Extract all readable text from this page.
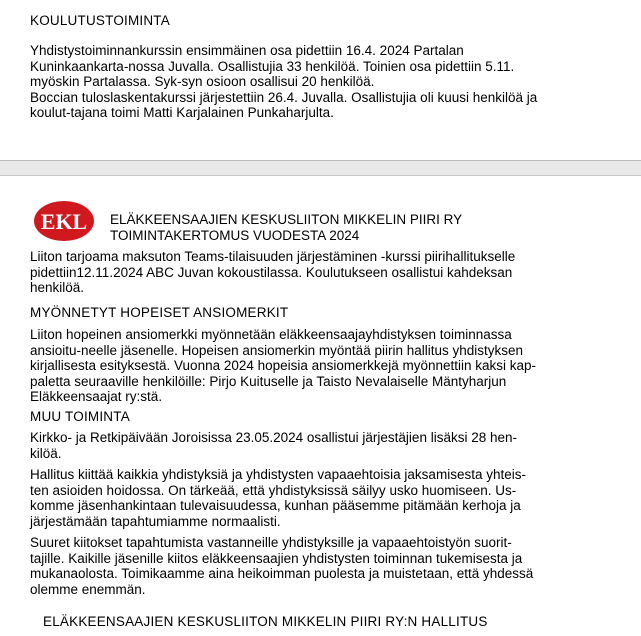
KOULUTUSTOIMINTA

Yhdistystoiminnankurssin ensimmäinen osa pidettiin 16.4. 2024 Partalan

Kuninkaankarta-nossa Juvalla. Osallistujia 33 henkilöä. Toinien osa pidettiin 5.11.

myöskin Partalassa. Syk-syn osioon osallisui 20 henkilöä.

Boccian tuloslaskentakurssi järjestettiin 26.4. Juvalla. Osallistujia oli kuusi henkilöä ja

koulut-tajana toimi Matti Karjalainen Punkaharjulta.

EKL ELÄKKEENSAAJIEN KESKUSLIITON MIKKELIN PIIRI RY
TOIMINTAKERTOMUS VUODESTA 2024
Liiton tarjoama maksuton Teams-tilaisuuden järjestäminen -kurssi piirihallitukselle
pidettiin12.11.2024 ABC Juvan kokoustilassa. Koulutukseen osallistui kahdeksan
henkilöä.
MYÖNNETYT HOPEISET ANSIOMERKIT
Liiton hopeinen ansiomerkki myönnetään eläkkeensaajayhdistyksen toiminnassa
ansioitu-neelle jäsenelle. Hopeisen ansiomerkin myöntää piirin hallitus yhdistyksen
kirjallisesta esityksestä. Vuonna 2024 hopeisia ansiomerkkejä myönnettiin kaksi kap-
paletta seuraaville henkilöille: Pirjo Kuituselle ja Taisto Nevalaiselle Mäntyharjun
Eläkkeensaajat ry:stä.
MUU TOIMINTA
Kirkko- ja Retkipäivään Joroisissa 23.05.2024 osallistui järjestäjien lisäksi 28 hen-
kilöä.
Hallitus kiittää kaikkia yhdistyksiä ja yhdistysten vapaaehtoisia jaksamisesta yhteis-
ten asioiden hoidossa. On tärkeää, että yhdistyksissä säilyy usko huomiseen. Us-
komme jäsenhankintaan tulevaisuudessa, kunhan pääsemme pitämään kerhoja ja
järjestämään tapahtumiamme normaalisti.
Suuret kiitokset tapahtumista vastanneille yhdistyksille ja vapaaehtoistyön suorit-
tajille. Kaikille jäsenille kiitos eläkkeensaajien yhdistysten toiminnan tukemisesta ja
mukanaolosta. Toimikaamme aina heikoimman puolesta ja muistetaan, että yhdessä
olemme enemmän.
ELÄKKEENSAAJIEN KESKUSLIITON MIKKELIN PIIRI RY:N HALLITUS
